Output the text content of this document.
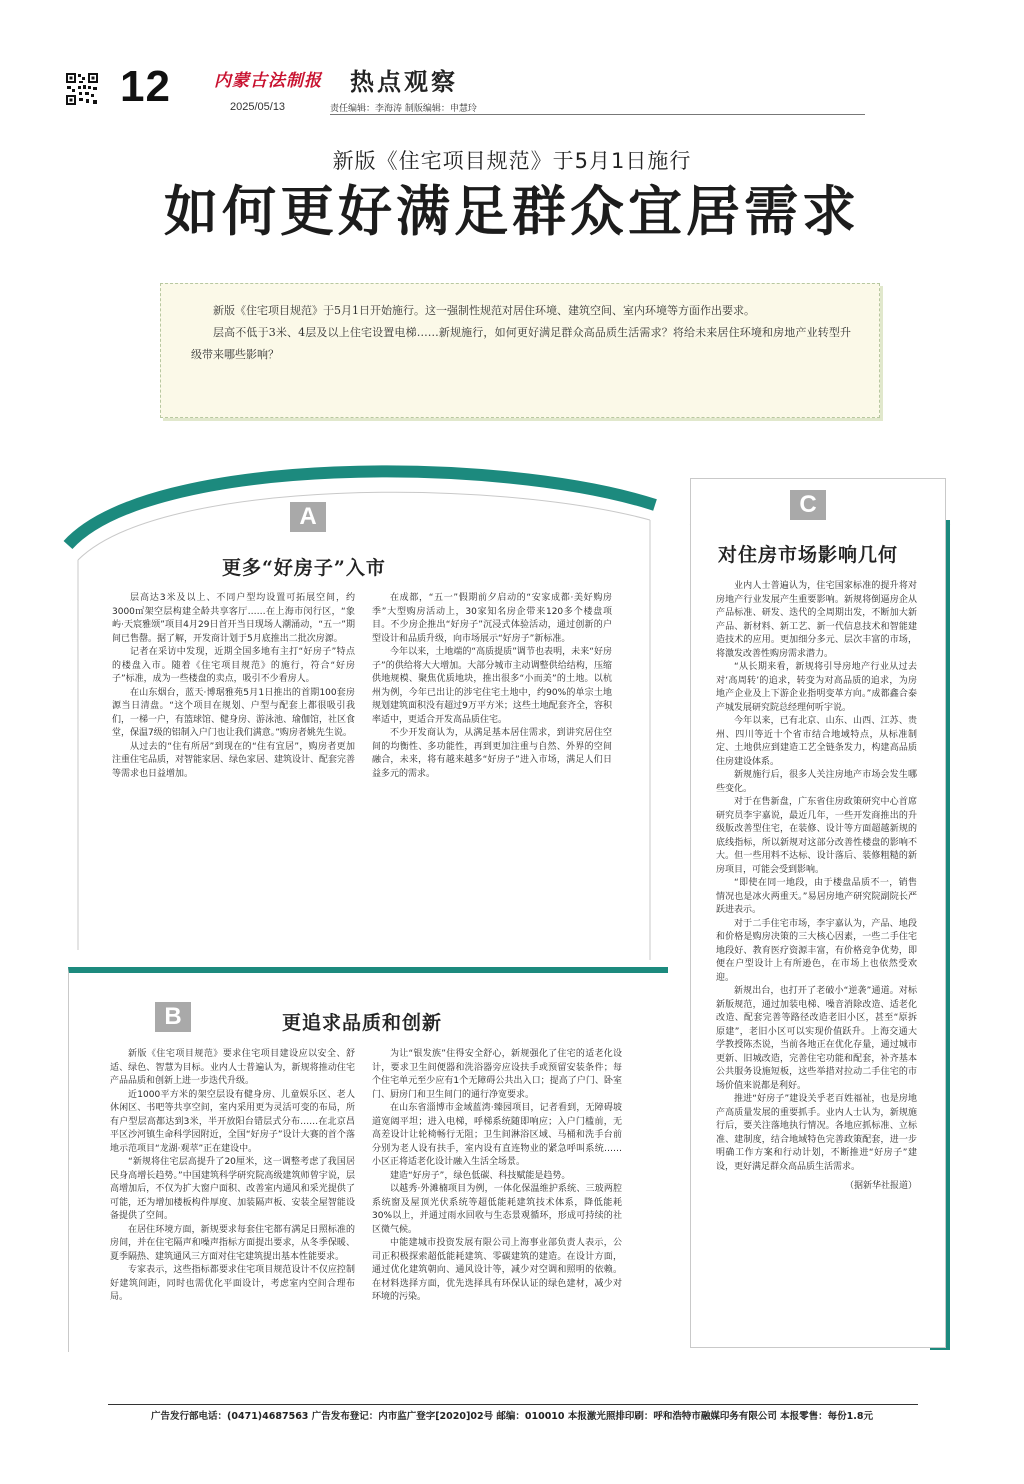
12	内蒙古法制报
2025/05/13
热点观察
责任编辑：李海涛 制版编辑：申慧玲
新版《住宅项目规范》于5月1日施行
如何更好满足群众宜居需求

新版《住宅项目规范》于5月1日开始施行。这一强制性规范对居住环境、建筑空间、室内环境等方面作出要求。

层高不低于3米、4层及以上住宅设置电梯……新规施行，如何更好满足群众高品质生活需求？将给未来居住环境和房地产业转型升级带来哪些影响？

A
更多“好房子”入市

层高达3米及以上、不同户型均设置可拓展空间，约3000㎡架空层构建全龄共享客厅……在上海市闵行区，“象屿·天宸雅颂”项目4月29日首开当日现场人潮涌动，“五一”期间已售罄。据了解，开发商计划于5月底推出二批次房源。

记者在采访中发现，近期全国多地有主打“好房子”特点的楼盘入市。随着《住宅项目规范》的施行，符合“好房子”标准，成为一些楼盘的卖点，吸引不少看房人。

在山东烟台，蓝天·博琚雅苑5月1日推出的首期100套房源当日清盘。“这个项目在规划、户型与配套上都很吸引我们，一梯一户，有篮球馆、健身房、游泳池、瑜伽馆，社区食堂，保温7级的铝制入户门也让我们满意。”购房者姚先生说。

从过去的“住有所居”到现在的“住有宜居”，购房者更加注重住宅品质，对智能家居、绿色家居、建筑设计、配套完善等需求也日益增加。

在成都，“五一”假期前夕启动的“安家成都·美好购房季”大型购房活动上，30家知名房企带来120多个楼盘项目。不少房企推出“好房子”沉浸式体验活动，通过创新的户型设计和品质升级，向市场展示“好房子”新标准。

今年以来，土地端的“高质提质”调节也表明，未来“好房子”的供给将大大增加。大部分城市主动调整供给结构，压缩供地规模、聚焦优质地块，推出很多“小而美”的土地。以杭州为例，今年已出让的涉宅住宅土地中，约90%的单宗土地规划建筑面积没有超过9万平方米；这些土地配套齐全，容积率适中，更适合开发高品质住宅。

不少开发商认为，从满足基本居住需求，到讲究居住空间的均衡性、多功能性，再到更加注重与自然、外界的空间融合，未来，将有越来越多“好房子”进入市场，满足人们日益多元的需求。

C
对住房市场影响几何

业内人士普遍认为，住宅国家标准的提升将对房地产行业发展产生重要影响。新规将倒逼房企从产品标准、研发、迭代的全周期出发，不断加大新产品、新材料、新工艺、新一代信息技术和智能建造技术的应用。更加细分多元、层次丰富的市场，将激发改善性购房需求潜力。

“从长期来看，新规将引导房地产行业从过去对‘高周转’的追求，转变为对高品质的追求，为房地产企业及上下游企业指明变革方向。”成都鑫合泰产城发展研究院总经理何听宇说。

今年以来，已有北京、山东、山西、江苏、贵州、四川等近十个省市结合地域特点，从标准制定、土地供应到建造工艺全链条发力，构建高品质住房建设体系。

新规施行后，很多人关注房地产市场会发生哪些变化。

对于在售新盘，广东省住房政策研究中心首席研究员李宇嘉说，最近几年，一些开发商推出的升级版改善型住宅，在装修、设计等方面超越新规的底线指标，所以新规对这部分改善性楼盘的影响不大。但一些用料不达标、设计落后、装修粗糙的新房项目，可能会受到影响。

“即使在同一地段，由于楼盘品质不一，销售情况也是冰火两重天。”易居房地产研究院副院长严跃进表示。

对于二手住宅市场，李宇嘉认为，产品、地段和价格是购房决策的三大核心因素，一些二手住宅地段好、教育医疗资源丰富，有价格竞争优势，即便在户型设计上有所逊色，在市场上也依然受欢迎。

新规出台，也打开了老破小“逆袭”通道。对标新版规范，通过加装电梯、噪音消除改造、适老化改造、配套完善等路径改造老旧小区，甚至“原拆原建”，老旧小区可以实现价值跃升。上海交通大学教授陈杰说，当前各地正在优化存量，通过城市更新、旧城改造，完善住宅功能和配套，补齐基本公共服务设施短板，这些举措对拉动二手住宅的市场价值来说都是利好。

推进“好房子”建设关乎老百姓福祉，也是房地产高质量发展的重要抓手。业内人士认为，新规施行后，要关注落地执行情况。各地应抓标准、立标准、建制度，结合地域特色完善政策配套，进一步明确工作方案和行动计划，不断推进“好房子”建设，更好满足群众高品质生活需求。

（据新华社报道）

B	更追求品质和创新

新版《住宅项目规范》要求住宅项目建设应以安全、舒适、绿色、智慧为目标。业内人士普遍认为，新规将推动住宅产品品质和创新上进一步迭代升级。

近1000平方米的架空层设有健身房、儿童娱乐区、老人休闲区、书吧等共享空间，室内采用更为灵活可变的布局，所有户型层高都达到3米，半开放阳台错层式分布……在北京昌平区沙河镇生命科学园附近，全国“好房子”设计大赛的首个落地示范项目“龙湖·观萃”正在建设中。

“新规将住宅层高提升了20厘米，这一调整考虑了我国居民身高增长趋势。”中国建筑科学研究院高级建筑师曾宇说，层高增加后，不仅为扩大窗户面积、改善室内通风和采光提供了可能，还为增加楼板构件厚度、加装隔声板、安装全屋智能设备提供了空间。

在居住环境方面，新规要求每套住宅都有满足日照标准的房间，并在住宅隔声和噪声指标方面提出要求，从冬季保暖、夏季隔热、建筑通风三方面对住宅建筑提出基本性能要求。

专家表示，这些指标都要求住宅项目规范设计不仅应控制好建筑间距，同时也需优化平面设计，考虑室内空间合理布局。

为让“银发族”住得安全舒心，新规强化了住宅的适老化设计，要求卫生间便器和洗浴器旁应设扶手或预留安装条件；每个住宅单元至少应有1个无障碍公共出入口；提高了户门、卧室门、厨房门和卫生间门的通行净宽要求。

在山东省淄博市金域蓝湾·臻园项目，记者看到，无障碍坡道宽阔平坦；进入电梯，呼梯系统随即响应；入户门槛前，无高差设计让轮椅畅行无阻；卫生间淋浴区域、马桶和洗手台前分别为老人设有扶手，室内设有直连物业的紧急呼叫系统……小区正将适老化设计融入生活全场景。

建造“好房子”，绿色低碳、科技赋能是趋势。

以越秀·外滩楠项目为例，一体化保温维护系统、三玻两腔系统窗及屋顶光伏系统等超低能耗建筑技术体系，降低能耗30%以上，并通过雨水回收与生态景观循环，形成可持续的社区微气候。

中能建城市投资发展有限公司上海事业部负责人表示，公司正积极探索超低能耗建筑、零碳建筑的建造。在设计方面，通过优化建筑朝向、通风设计等，减少对空调和照明的依赖。在材料选择方面，优先选择具有环保认证的绿色建材，减少对环境的污染。

广告发行部电话：(0471)4687563 广告发布登记：内市监广登字[2020]02号 邮编：010010 本报激光照排印刷：呼和浩特市融媒印务有限公司 本报零售：每份1.8元
